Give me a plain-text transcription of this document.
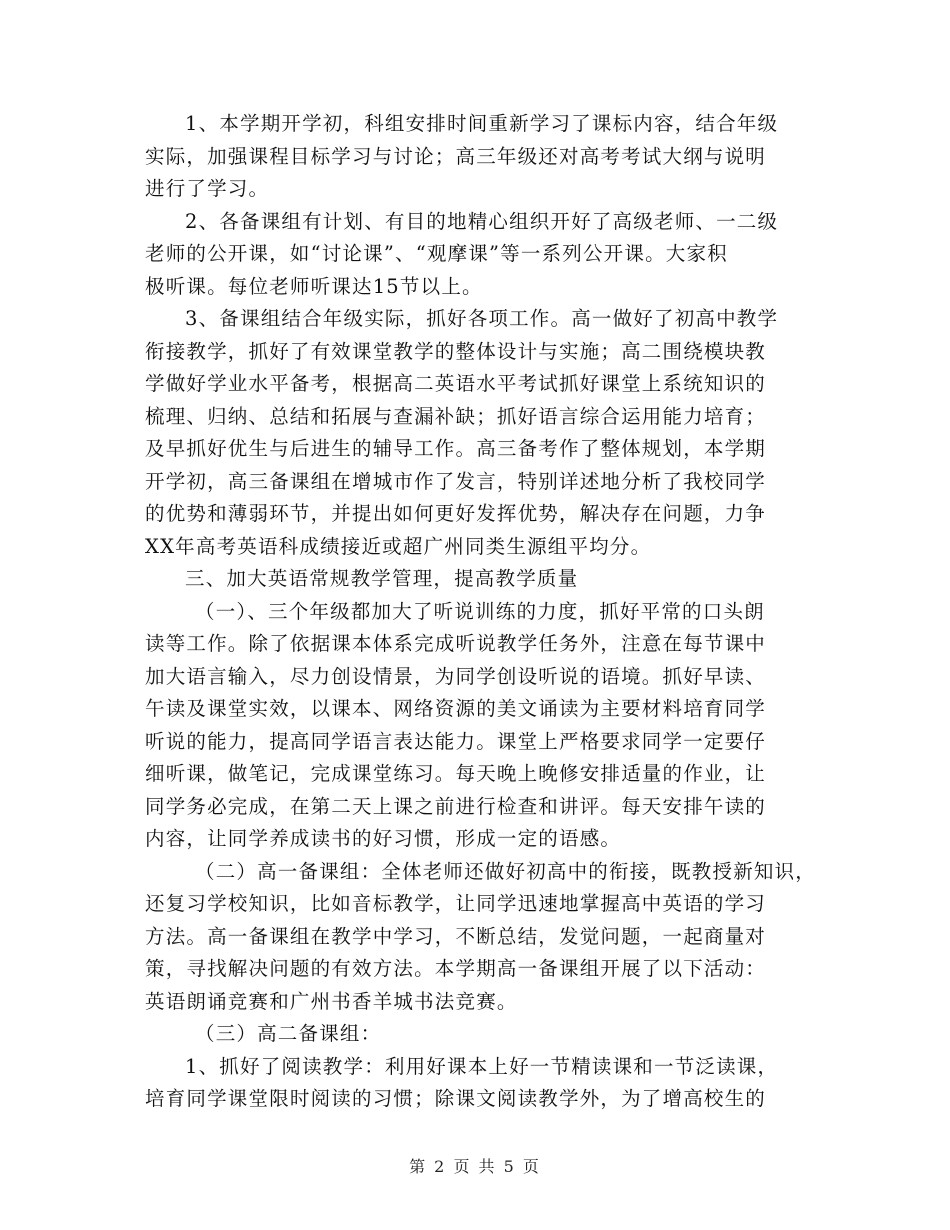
1、本学期开学初，科组安排时间重新学习了课标内容，结合年级
实际，加强课程目标学习与讨论；高三年级还对高考考试大纲与说明
进行了学习。
2、各备课组有计划、有目的地精心组织开好了高级老师、一二级
老师的公开课，如“讨论课”、“观摩课”等一系列公开课。大家积
极听课。每位老师听课达15节以上。
3、备课组结合年级实际，抓好各项工作。高一做好了初高中教学
衔接教学，抓好了有效课堂教学的整体设计与实施；高二围绕模块教
学做好学业水平备考，根据高二英语水平考试抓好课堂上系统知识的
梳理、归纳、总结和拓展与查漏补缺；抓好语言综合运用能力培育；
及早抓好优生与后进生的辅导工作。高三备考作了整体规划，本学期
开学初，高三备课组在增城市作了发言，特别详述地分析了我校同学
的优势和薄弱环节，并提出如何更好发挥优势，解决存在问题，力争
XX年高考英语科成绩接近或超广州同类生源组平均分。
三、加大英语常规教学管理，提高教学质量
（一）、三个年级都加大了听说训练的力度，抓好平常的口头朗
读等工作。除了依据课本体系完成听说教学任务外，注意在每节课中
加大语言输入，尽力创设情景，为同学创设听说的语境。抓好早读、
午读及课堂实效，以课本、网络资源的美文诵读为主要材料培育同学
听说的能力，提高同学语言表达能力。课堂上严格要求同学一定要仔
细听课，做笔记，完成课堂练习。每天晚上晚修安排适量的作业，让
同学务必完成，在第二天上课之前进行检查和讲评。每天安排午读的
内容，让同学养成读书的好习惯，形成一定的语感。
（二）高一备课组：全体老师还做好初高中的衔接，既教授新知识，
还复习学校知识，比如音标教学，让同学迅速地掌握高中英语的学习
方法。高一备课组在教学中学习，不断总结，发觉问题，一起商量对
策，寻找解决问题的有效方法。本学期高一备课组开展了以下活动：
英语朗诵竞赛和广州书香羊城书法竞赛。
（三）高二备课组：
1、抓好了阅读教学：利用好课本上好一节精读课和一节泛读课，
培育同学课堂限时阅读的习惯；除课文阅读教学外，为了增高校生的
第 2 页 共 5 页
